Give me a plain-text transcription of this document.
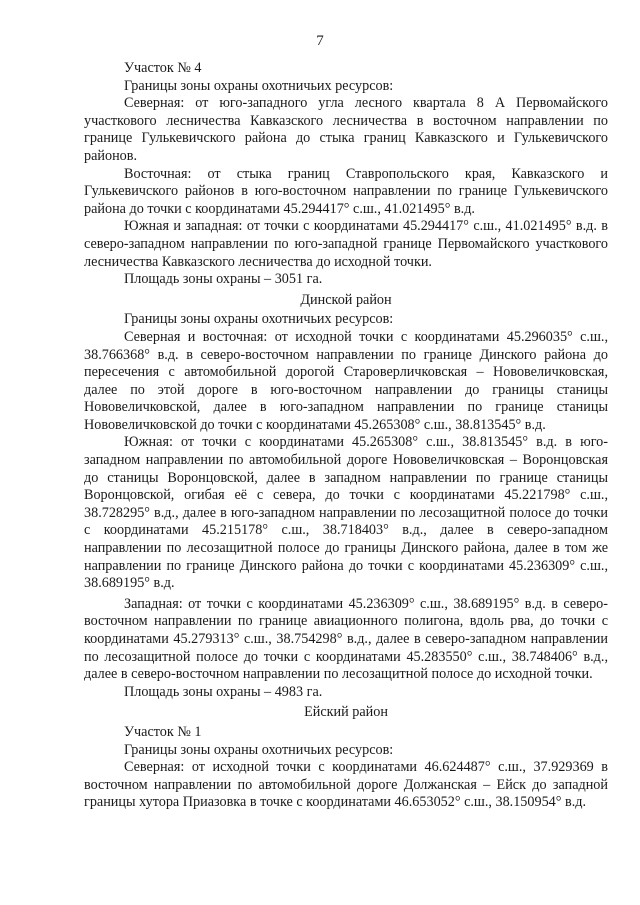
7

Участок № 4

Границы зоны охраны охотничьих ресурсов:

Северная: от юго-западного угла лесного квартала 8 А Первомайского участкового лесничества Кавказского лесничества в восточном направлении по границе Гулькевичского района до стыка границ Кавказского и Гулькевичского районов.

Восточная: от стыка границ Ставропольского края, Кавказского и Гулькевичского районов в юго-восточном направлении по границе Гулькевичского района до точки с координатами 45.294417° с.ш., 41.021495° в.д.

Южная и западная: от точки с координатами 45.294417° с.ш., 41.021495° в.д. в северо-западном направлении по юго-западной границе Первомайского участкового лесничества Кавказского лесничества до исходной точки.

Площадь зоны охраны – 3051 га.

Динской район

Границы зоны охраны охотничьих ресурсов:

Северная и восточная: от исходной точки с координатами 45.296035° с.ш., 38.766368° в.д. в северо-восточном направлении по границе Динского района до пересечения с автомобильной дорогой Староверличковская – Нововеличковская, далее по этой дороге в юго-восточном направлении до границы станицы Нововеличковской, далее в юго-западном направлении по границе станицы Нововеличковской до точки с координатами 45.265308° с.ш., 38.813545° в.д.

Южная: от точки с координатами 45.265308° с.ш., 38.813545° в.д. в юго-западном направлении по автомобильной дороге Нововеличковская – Воронцовская до станицы Воронцовской, далее в западном направлении по границе станицы Воронцовской, огибая её с севера, до точки с координатами 45.221798° с.ш., 38.728295° в.д., далее в юго-западном направлении по лесозащитной полосе до точки с координатами 45.215178° с.ш., 38.718403° в.д., далее в северо-западном направлении по лесозащитной полосе до границы Динского района, далее в том же направлении по границе Динского района до точки с координатами 45.236309° с.ш., 38.689195° в.д.

Западная: от точки с координатами 45.236309° с.ш., 38.689195° в.д. в северо-восточном направлении по границе авиационного полигона, вдоль рва, до точки с координатами 45.279313° с.ш., 38.754298° в.д., далее в северо-западном направлении по лесозащитной полосе до точки с координатами 45.283550° с.ш., 38.748406° в.д., далее в северо-восточном направлении по лесозащитной полосе до исходной точки.

Площадь зоны охраны – 4983 га.

Ейский район

Участок № 1

Границы зоны охраны охотничьих ресурсов:

Северная: от исходной точки с координатами 46.624487° с.ш., 37.929369 в восточном направлении по автомобильной дороге Должанская – Ейск до западной границы хутора Приазовка в точке с координатами 46.653052° с.ш., 38.150954° в.д.
